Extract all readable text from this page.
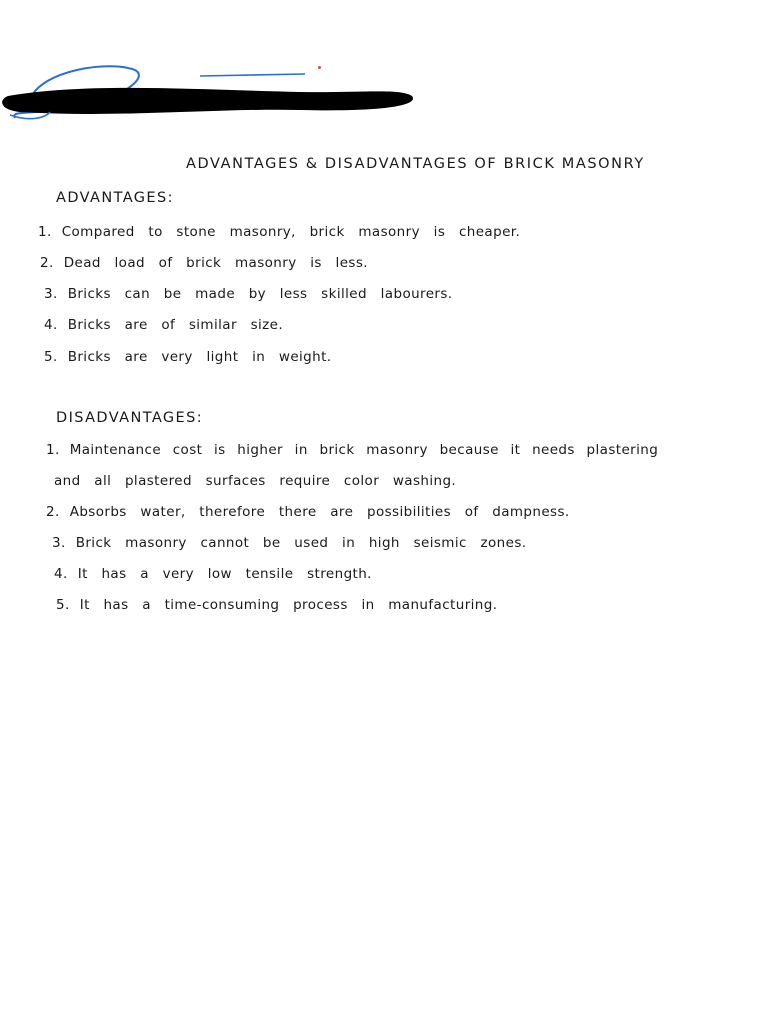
ADVANTAGES & DISADVANTAGES OF BRICK MASONRY
ADVANTAGES:
1. Compared to stone masonry, brick masonry is cheaper.
2. Dead load of brick masonry is less.
3. Bricks can be made by less skilled labourers.
4. Bricks are of similar size.
5. Bricks are very light in weight.
DISADVANTAGES:
1. Maintenance cost is higher in brick masonry because it needs plastering
and all plastered surfaces require color washing.
2. Absorbs water, therefore there are possibilities of dampness.
3. Brick masonry cannot be used in high seismic zones.
4. It has a very low tensile strength.
5. It has a time-consuming process in manufacturing.
